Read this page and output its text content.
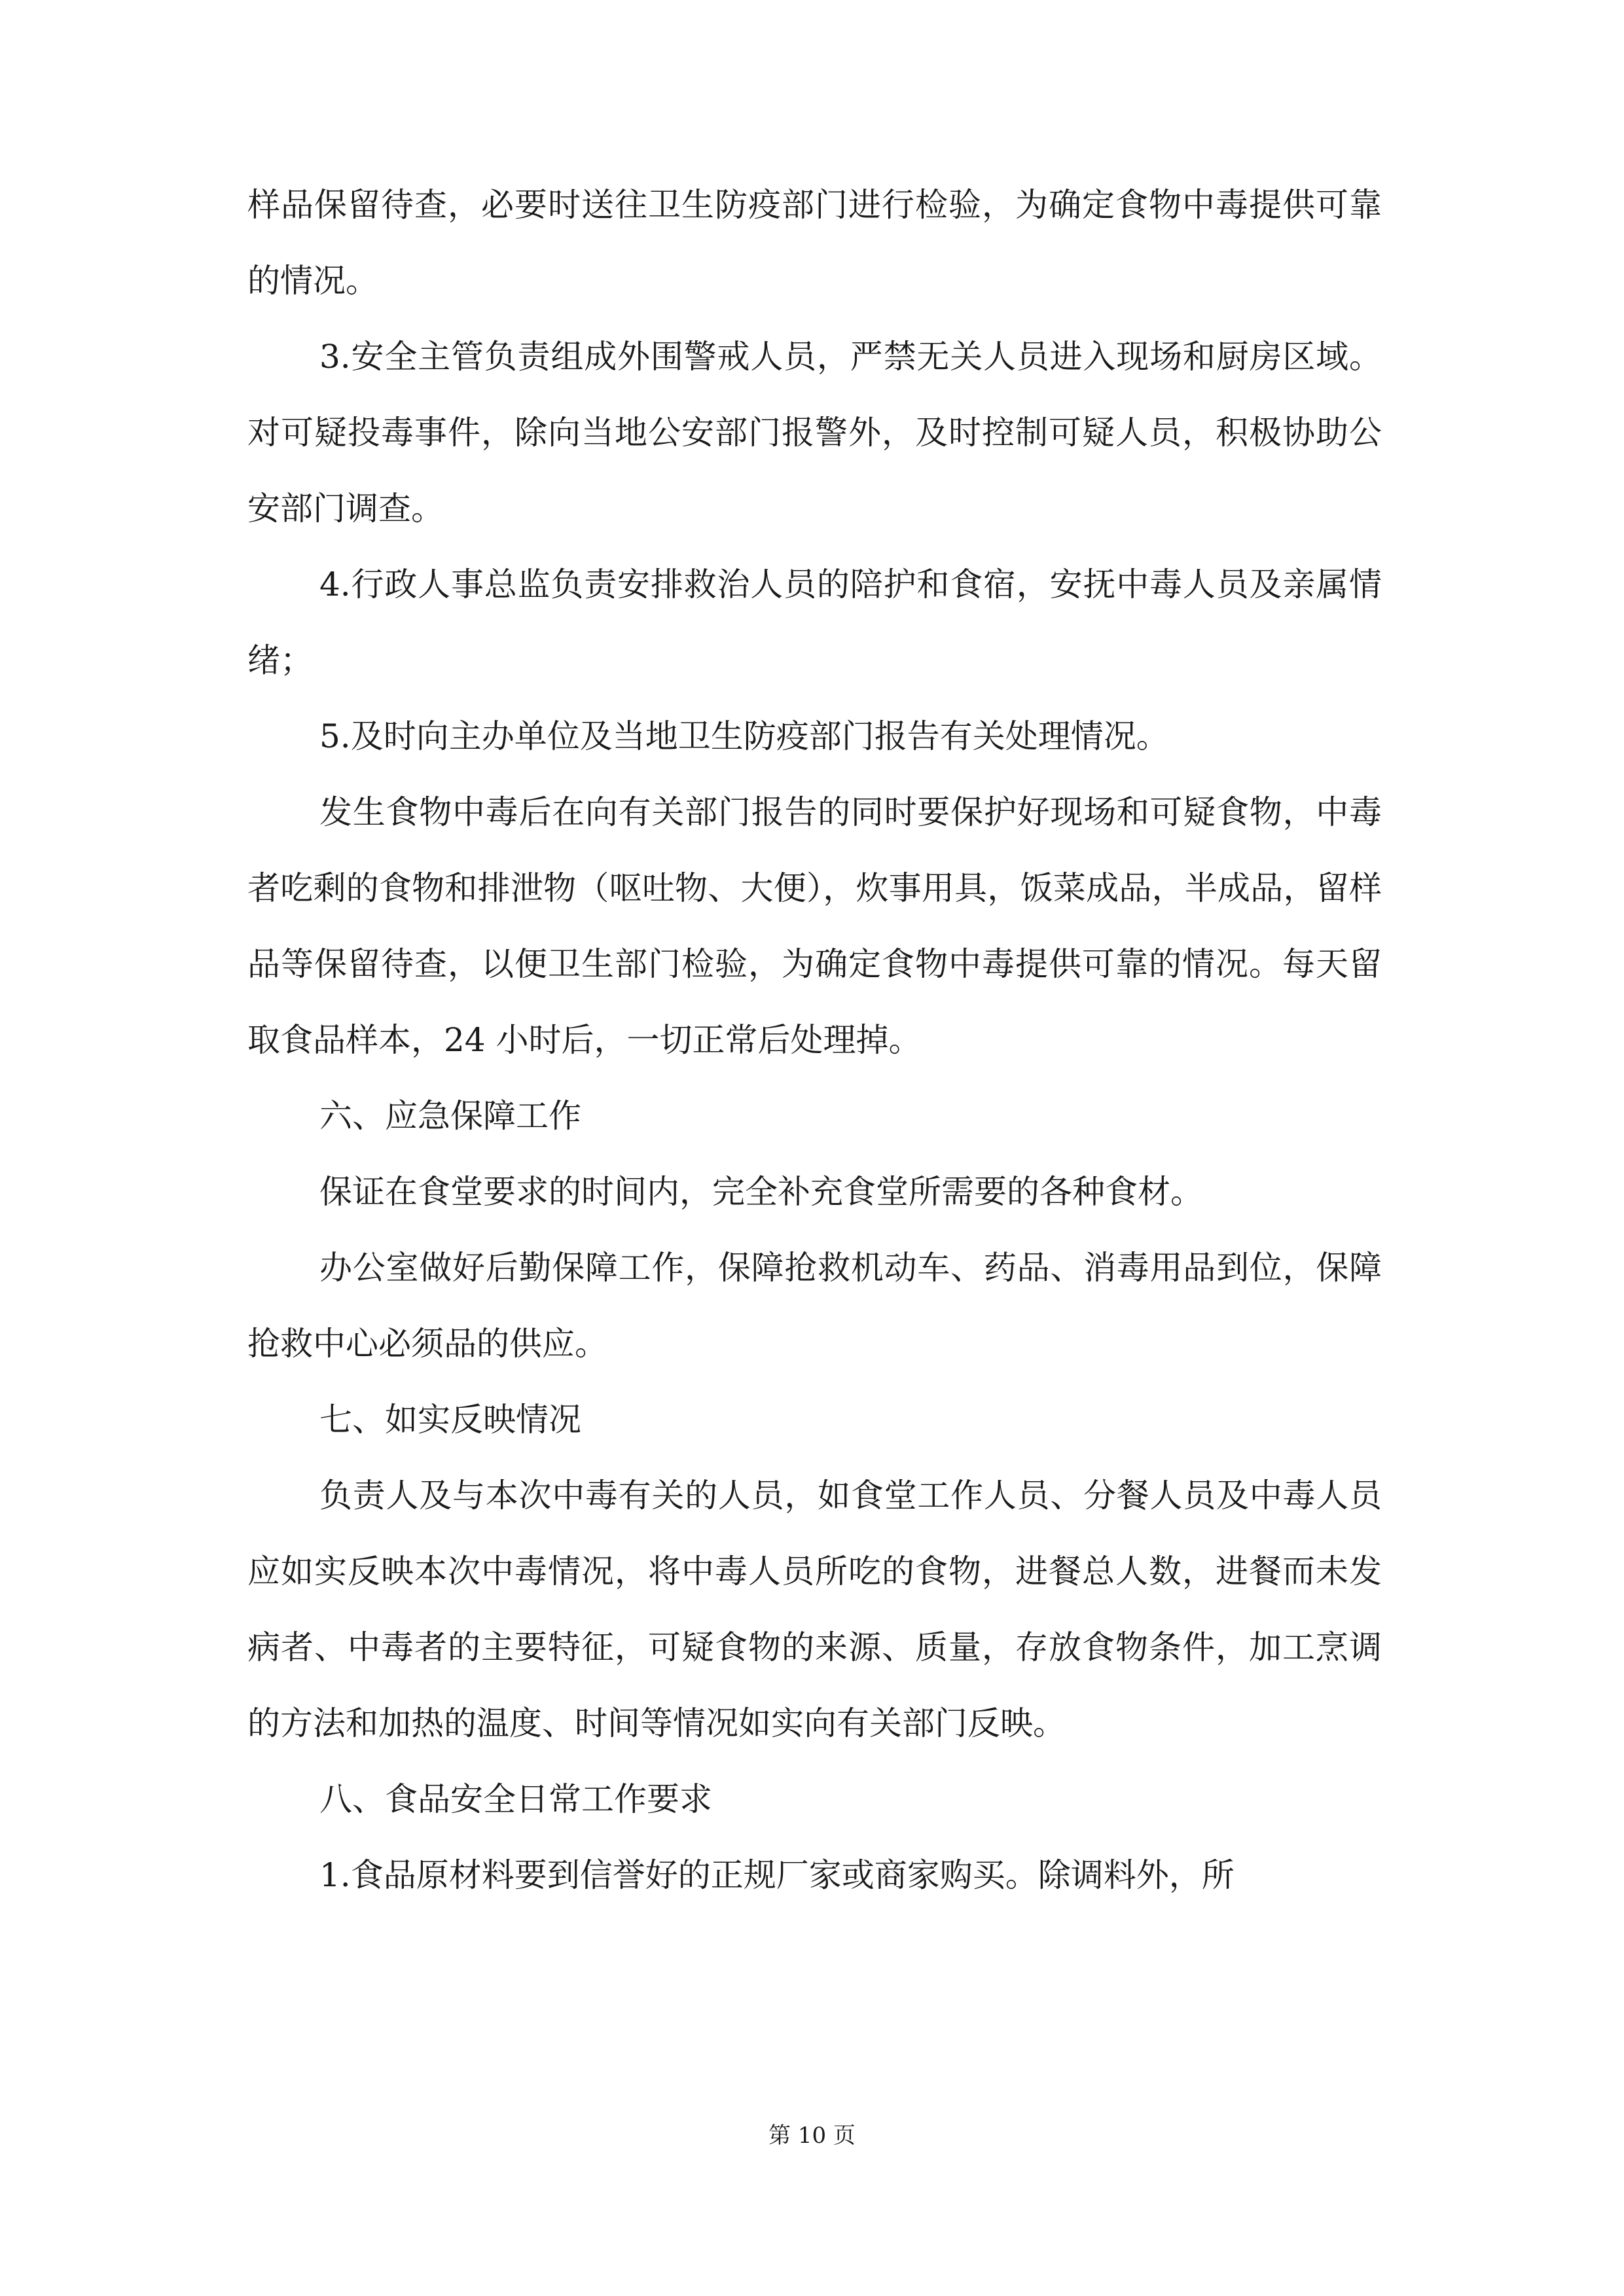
样品保留待查，必要时送往卫生防疫部门进行检验，为确定食物中毒提供可靠的情况。

3.安全主管负责组成外围警戒人员，严禁无关人员进入现场和厨房区域。对可疑投毒事件，除向当地公安部门报警外，及时控制可疑人员，积极协助公安部门调查。

4.行政人事总监负责安排救治人员的陪护和食宿，安抚中毒人员及亲属情绪；

5.及时向主办单位及当地卫生防疫部门报告有关处理情况。

发生食物中毒后在向有关部门报告的同时要保护好现场和可疑食物，中毒者吃剩的食物和排泄物（呕吐物、大便），炊事用具，饭菜成品，半成品，留样品等保留待查，以便卫生部门检验，为确定食物中毒提供可靠的情况。每天留取食品样本，24 小时后，一切正常后处理掉。

六、应急保障工作

保证在食堂要求的时间内，完全补充食堂所需要的各种食材。

办公室做好后勤保障工作，保障抢救机动车、药品、消毒用品到位，保障抢救中心必须品的供应。

七、如实反映情况

负责人及与本次中毒有关的人员，如食堂工作人员、分餐人员及中毒人员应如实反映本次中毒情况，将中毒人员所吃的食物，进餐总人数，进餐而未发病者、中毒者的主要特征，可疑食物的来源、质量，存放食物条件，加工烹调的方法和加热的温度、时间等情况如实向有关部门反映。

八、食品安全日常工作要求

1.食品原材料要到信誉好的正规厂家或商家购买。除调料外，所

第 10 页
